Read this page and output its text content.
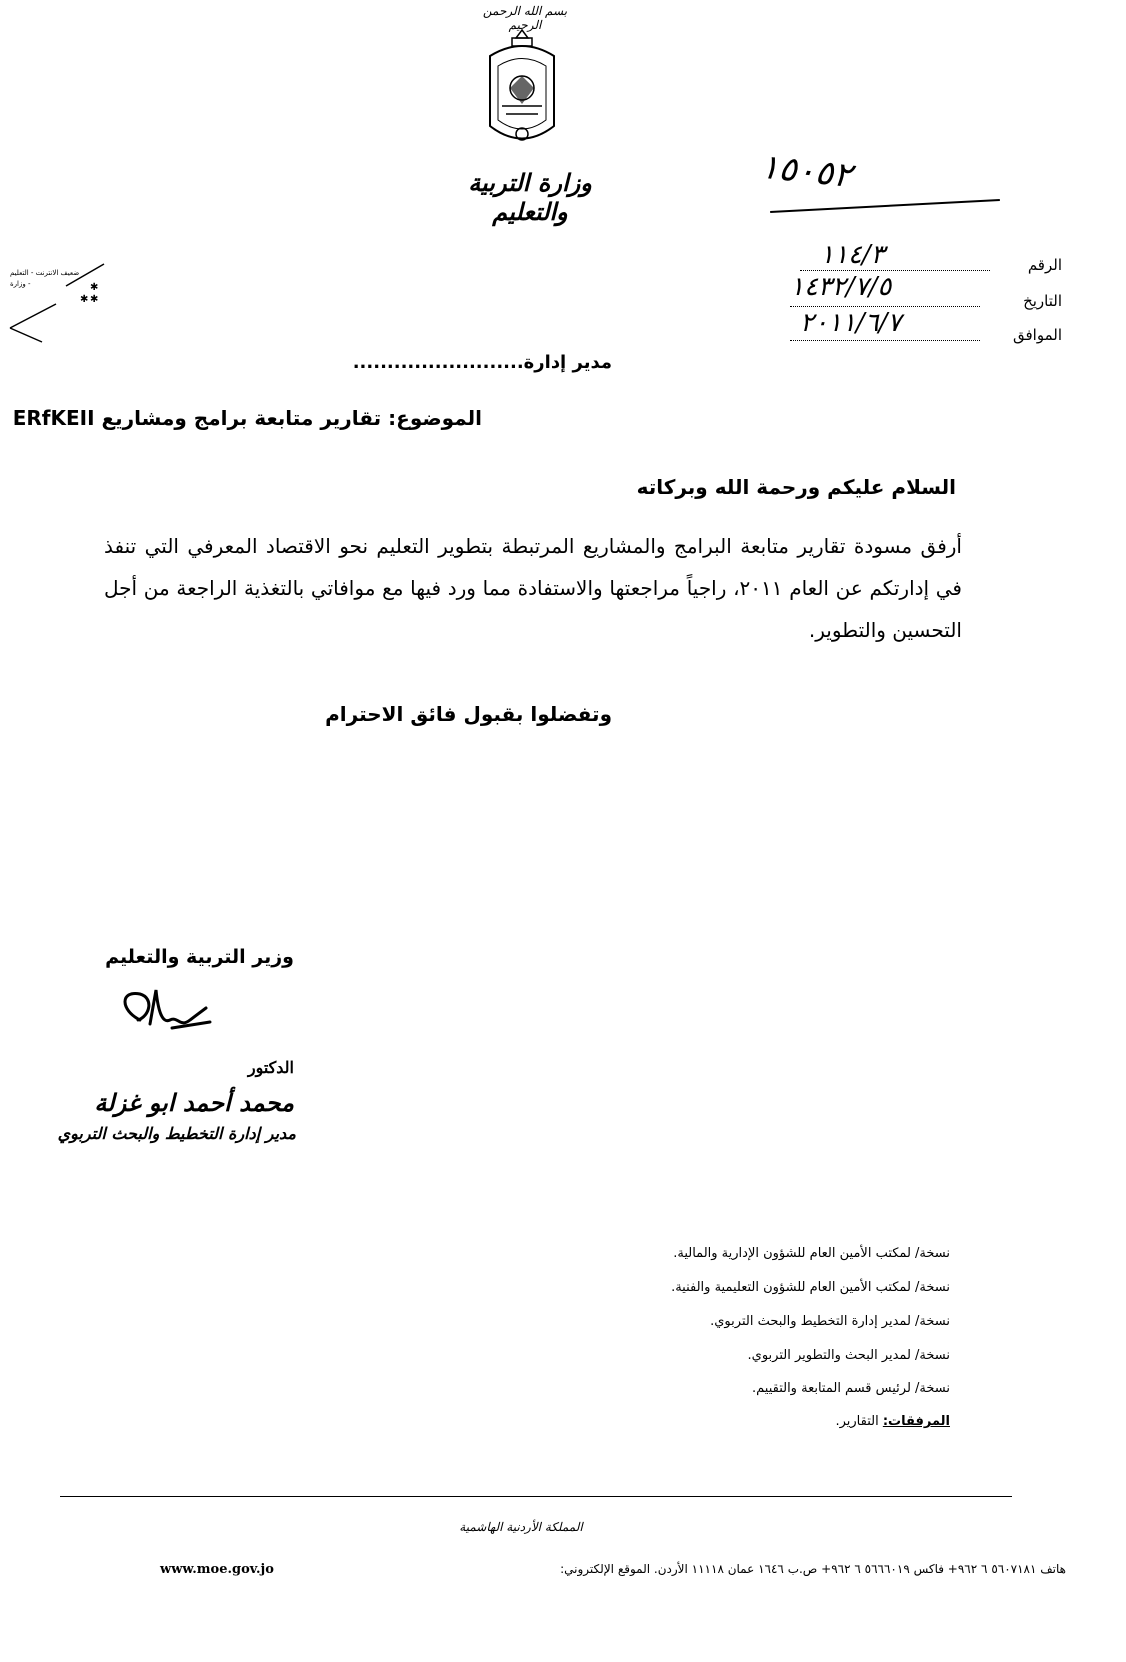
بسم الله الرحمن الرحيم
وزارة التربية والتعليم
١٥٠٥٢
✱
✱
✱
ضعيف الانترنت - التعليم - وزارة
الرقم
١١٤/٣
التاريخ
١٤٣٢/٧/٥
الموافق
٢٠١١/٦/٧
مدير إدارة.........................
الموضوع: تقارير متابعة برامج ومشاريع ERfKEII
السلام عليكم ورحمة الله وبركاته
أرفق مسودة تقارير متابعة البرامج والمشاريع المرتبطة بتطوير التعليم نحو الاقتصاد المعرفي التي تنفذ في إدارتكم عن العام ٢٠١١، راجياً مراجعتها والاستفادة مما ورد فيها مع موافاتي بالتغذية الراجعة من أجل التحسين والتطوير.
وتفضلوا بقبول فائق الاحترام
وزير التربية والتعليم
الدكتور
محمد أحمد ابو غزلة
مدير إدارة التخطيط والبحث التربوي
نسخة/ لمكتب الأمين العام للشؤون الإدارية والمالية.
نسخة/ لمكتب الأمين العام للشؤون التعليمية والفنية.
نسخة/ لمدير إدارة التخطيط والبحث التربوي.
نسخة/ لمدير البحث والتطوير التربوي.
نسخة/ لرئيس قسم المتابعة والتقييم.
المرفقات: التقارير.
المملكة الأردنية الهاشمية
هاتف ٥٦٠٧١٨١ ٦ ٩٦٢+ فاكس ٥٦٦٦٠١٩ ٦ ٩٦٢+ ص.ب ١٦٤٦ عمان ١١١١٨ الأردن. الموقع الإلكتروني:
www.moe.gov.jo
